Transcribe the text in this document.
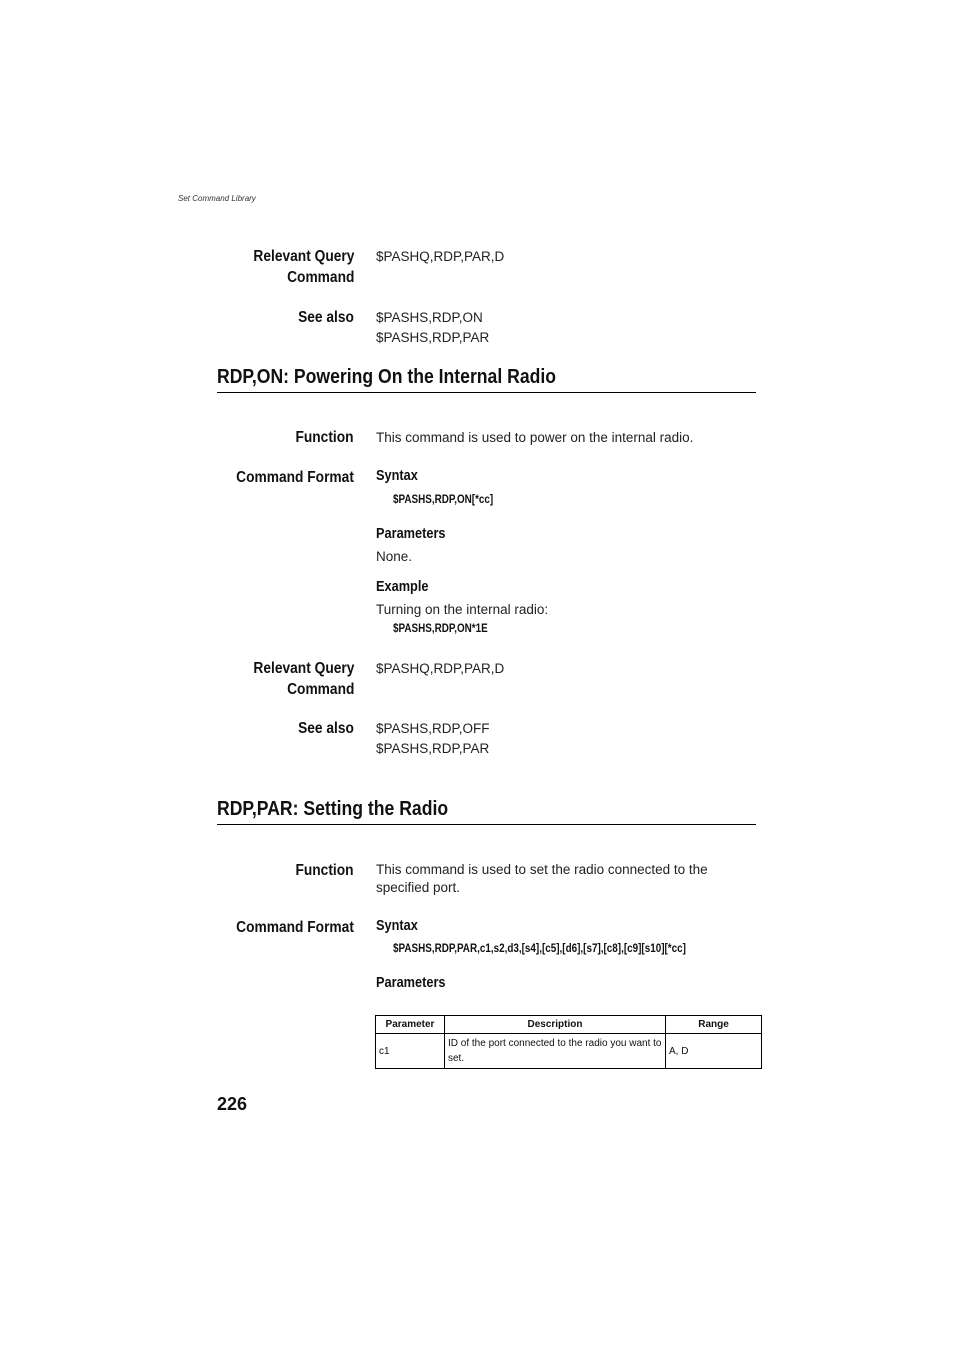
Set Command Library
Relevant Query
Command
$PASHQ,RDP,PAR,D
See also $PASHS,RDP,ON
$PASHS,RDP,PAR
RDP,ON: Powering On the Internal Radio
Function This command is used to power on the internal radio.
Command Format Syntax
$PASHS,RDP,ON[*cc]
Parameters
None.
Example
Turning on the internal radio:
$PASHS,RDP,ON*1E
Relevant Query
Command
$PASHQ,RDP,PAR,D
See also $PASHS,RDP,OFF
$PASHS,RDP,PAR
RDP,PAR: Setting the Radio
Function This command is used to set the radio connected to the
specified port.
Command Format Syntax
$PASHS,RDP,PAR,c1,s2,d3,[s4],[c5],[d6],[s7],[c8],[c9][s10][*cc]
Parameters
Parameter	Description	Range
c1	ID of the port connected to the radio you want to set.	A, D
226
